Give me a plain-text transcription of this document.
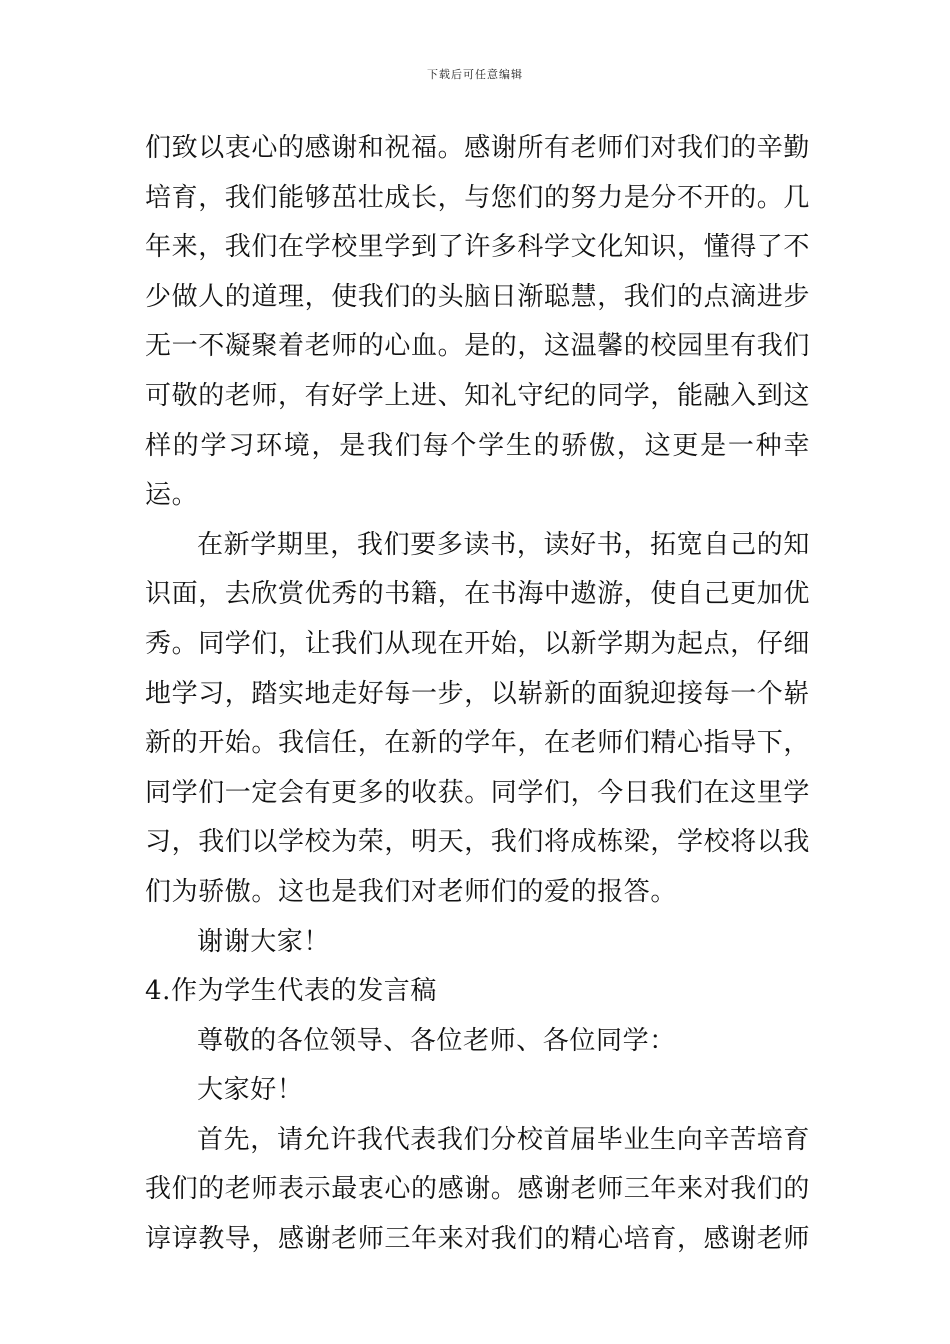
下载后可任意编辑

们致以衷心的感谢和祝福。感谢所有老师们对我们的辛勤培育，我们能够茁壮成长，与您们的努力是分不开的。几年来，我们在学校里学到了许多科学文化知识，懂得了不少做人的道理，使我们的头脑日渐聪慧，我们的点滴进步无一不凝聚着老师的心血。是的，这温馨的校园里有我们可敬的老师，有好学上进、知礼守纪的同学，能融入到这样的学习环境，是我们每个学生的骄傲，这更是一种幸运。

在新学期里，我们要多读书，读好书，拓宽自己的知识面，去欣赏优秀的书籍，在书海中遨游，使自己更加优秀。同学们，让我们从现在开始，以新学期为起点，仔细地学习，踏实地走好每一步，以崭新的面貌迎接每一个崭新的开始。我信任，在新的学年，在老师们精心指导下，同学们一定会有更多的收获。同学们，今日我们在这里学习，我们以学校为荣，明天，我们将成栋梁，学校将以我们为骄傲。这也是我们对老师们的爱的报答。

谢谢大家！

4.作为学生代表的发言稿

尊敬的各位领导、各位老师、各位同学：

大家好！

首先，请允许我代表我们分校首届毕业生向辛苦培育我们的老师表示最衷心的感谢。感谢老师三年来对我们的谆谆教导，感谢老师三年来对我们的精心培育，感谢老师
